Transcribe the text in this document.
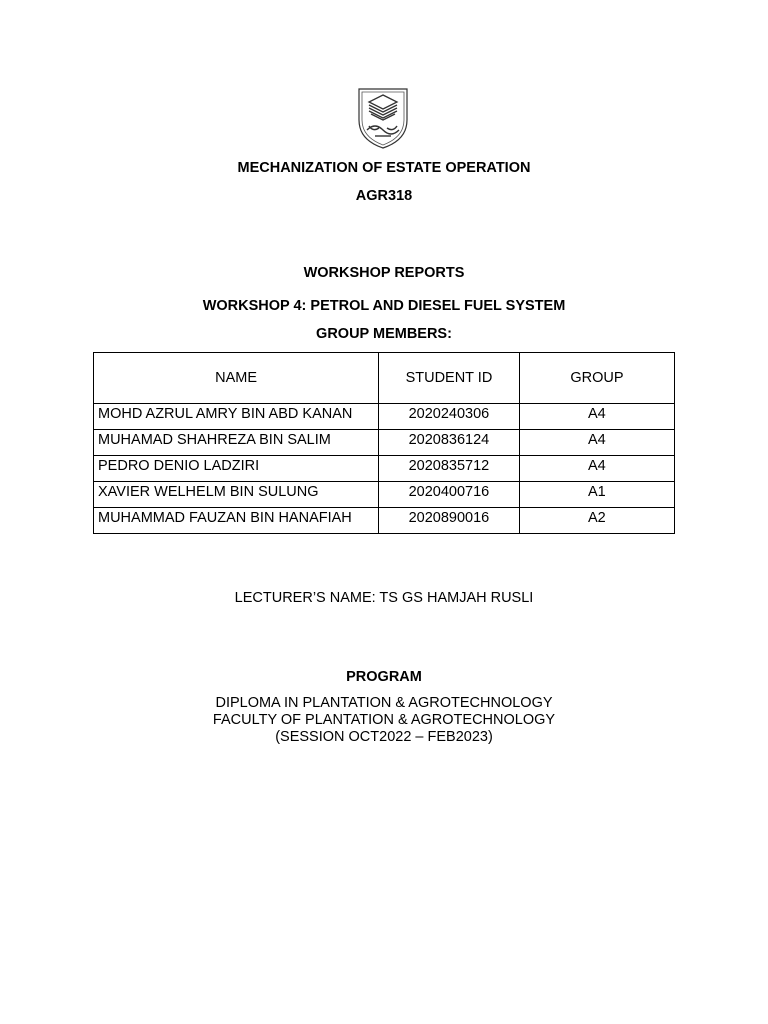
MECHANIZATION OF ESTATE OPERATION
AGR318
WORKSHOP REPORTS
WORKSHOP 4: PETROL AND DIESEL FUEL SYSTEM
GROUP MEMBERS:
NAME	STUDENT ID	GROUP
MOHD AZRUL AMRY BIN ABD KANAN	2020240306	A4
MUHAMAD SHAHREZA BIN SALIM	2020836124	A4
PEDRO DENIO LADZIRI	2020835712	A4
XAVIER WELHELM BIN SULUNG	2020400716	A1
MUHAMMAD FAUZAN BIN HANAFIAH	2020890016	A2
LECTURER’S NAME: TS GS HAMJAH RUSLI
PROGRAM
DIPLOMA IN PLANTATION & AGROTECHNOLOGY
FACULTY OF PLANTATION & AGROTECHNOLOGY
(SESSION OCT2022 – FEB2023)
